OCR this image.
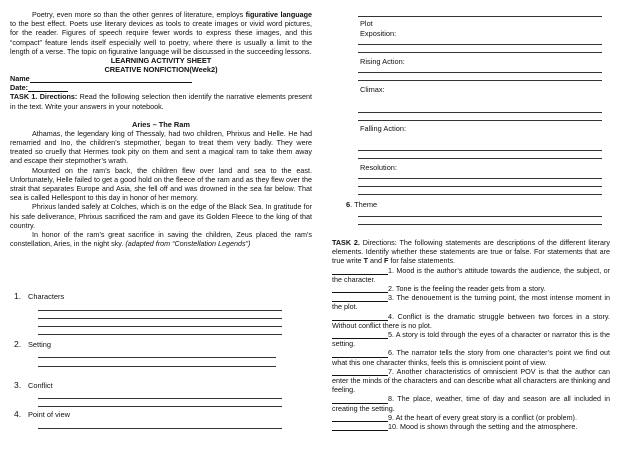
Poetry, even more so than the other genres of literature, employs figurative language to the best effect. Poets use literary devices as tools to create images or vivid word pictures, for the reader. Figures of speech require fewer words to express these images, and this “compact” feature lends itself especially well to poetry, where there is usually a limit to the length of a verse. The topic on figurative language will be discussed in the succeeding lessons.

LEARNING ACTIVITY SHEET

CREATIVE NONFICTION(Week2)

Name

Date:

TASK 1. Directions: Read the following selection then identify the narrative elements present in the text. Write your answers in your notebook.

Aries – The Ram

Athamas, the legendary king of Thessaly, had two children, Phrixus and Helle. He had remarried and Ino, the children’s stepmother, began to treat them very badly. They were treated so cruelly that Hermes took pity on them and sent a magical ram to take them away and escape their stepmother’s wrath.

Mounted on the ram’s back, the children flew over land and sea to the east. Unfortunately, Helle failed to get a good hold on the fleece of the ram and as they flew over the strait that separates Europe and Asia, she fell off and was drowned in the sea far below. That sea is called Hellespont to this day in honor of her memory.

Phrixus landed safely at Colches, which is on the edge of the Black Sea. In gratitude for his safe deliverance, Phrixus sacrificed the ram and gave its Golden Fleece to the king of that country.

In honor of the ram’s great sacrifice in saving the children, Zeus placed the ram’s constellation, Aries, in the night sky. (adapted from “Constellation Legends”)

1. Characters
2. Setting
3. Conflict
4. Point of view
Plot
Exposition:
Rising Action:
Climax:
Falling Action:
Resolution:
6. Theme

TASK 2. Directions: The following statements are descriptions of the different literary elements. Identify whether these statements are true or false. For statements that are true write T and F for false statements.

1. Mood is the author’s attitude towards the audience, the subject, or the character.

2. Tone is the feeling the reader gets from a story.

3. The denouement is the turning point, the most intense moment in the plot.

4. Conflict is the dramatic struggle between two forces in a story. Without conflict there is no plot.

5. A story is told through the eyes of a character or narrator this is the setting.

6. The narrator tells the story from one character’s point we find out what this one character thinks, feels this is omniscient point of view.

7. Another characteristics of omniscient POV is that the author can enter the minds of the characters and can describe what all characters are thinking and feeling.

8. The place, weather, time of day and season are all included in creating the setting.

9. At the heart of every great story is a conflict (or problem).

10. Mood is shown through the setting and the atmosphere.
